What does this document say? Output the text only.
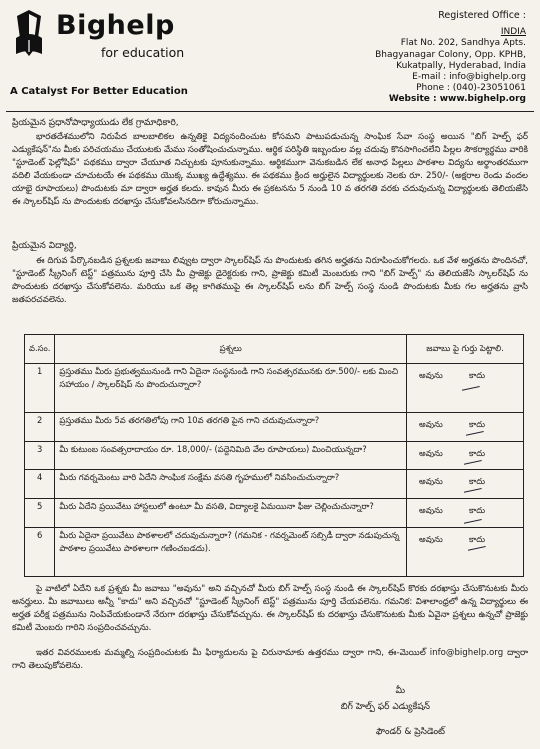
Bighelp
for education
A Catalyst For Better Education
Registered Office :
INDIA
Flat No. 202, Sandhya Apts.
Bhagyanagar Colony, Opp. KPHB,
Kukatpally, Hyderabad, India
E-mail : info@bighelp.org
Phone : (040)-23051061
Website : www.bighelp.org
ప్రియమైన ప్రధానోపాధ్యాయుడు లేక గ్రామాధికారి,
భారతదేశములోని నిరుపేద బాలబాలికల ఉన్నతికై విద్యనందించుట కోసమని పాటుపడుచున్న సాంఘిక సేవా సంస్థ అయిన "బిగ్ హెల్ప్ ఫర్ ఎడ్యుకేషన్"ను మీకు పరిచయము చేయుటకు మేము సంతోషించుచున్నాము. ఆర్థిక పరిస్థితి ఇబ్బందుల వల్ల చదువు కొనసాగించలేని పిల్లల సౌకర్యార్థము వారికి "స్టూడెంట్ ఫెల్లోషిప్" పథకము ద్వారా చేయూత నిచ్చుటకు పూనుకున్నాము. ఆర్థికముగా వెనుకబడిన లేక అనాధ పిల్లలు పాఠశాల విద్యను అర్థాంతరముగా వదిలి వేయకుండా చూచుటయే ఈ పథకము యొక్క ముఖ్య ఉద్దేశ్యము. ఈ పథకము క్రింద అర్హులైన విద్యార్థులకు నెలకు రూ. 250/- (అక్షరాల రెండు వందల యాభై రూపాయలు) పొందుటకు మా ద్వారా అర్హత కలదు. కావున మీరు ఈ ప్రకటనను 5 నుండి 10 వ తరగతి వరకు చదువుచున్న విద్యార్థులకు తెలియజేసి ఈ స్కాలర్‌షిప్ ను పొందుటకు దరఖాస్తు చేసుకోవలసినదిగా కోరుచున్నాము.
ప్రియమైన విద్యార్థి,
ఈ దిగువ పేర్కొనబడిన ప్రశ్నలకు జవాబు లివ్వుట ద్వారా స్కాలర్‌షిప్ ను పొందుటకు తగిన అర్హతను నిరూపించుకోగలరు. ఒక వేళ అర్హతను పొందినచో, "స్టూడెంట్ స్క్రీనింగ్ టెస్ట్" పత్రమును పూర్తి చేసి మీ ప్రాజెక్టు డైరెక్టరుకు గాని, ప్రాజెక్టు కమిటీ మెంబరుకు గాని "బిగ్ హెల్ప్" ను తెలియజేసి స్కాలర్‌షిప్ ను పొందుటకు దరఖాస్తు చేసుకోవలెను. మరియు ఒక తెల్ల కాగితముపై ఈ స్కాలర్‌షిప్ లను బిగ్ హెల్ప్ సంస్థ నుండి పొందుటకు మీకు గల అర్హతను వ్రాసి జతపరచవలెను.
వ.సం.	ప్రశ్నలు	జవాబు పై గుర్తు పెట్టాలి.
1	ప్రస్తుతము మీరు ప్రభుత్వమునుండి గాని ఏదైనా సంస్థనుండి గాని సంవత్సరమునకు రూ.500/- లకు మించి సహాయం / స్కాలర్‌షిప్ ను పొందుచున్నారా?	అవును కాదు

2	ప్రస్తుతము మీరు 5వ తరగతిలోపు గాని 10వ తరగతి పైన గాని చదువుచున్నారా?	అవును కాదు

3	మీ కుటుంబ సంవత్సరాదాయం రూ. 18,000/- (పద్దెనిమిది వేల రూపాయలు) మించియున్నదా?	అవును కాదు

4	మీరు గవర్నమెంటు వారి ఏదేని సాంఘిక సంక్షేమ వసతి గృహములో నివసించుచున్నారా?	అవును కాదు

5	మీరు ఏదేని ప్రయివేటు హాస్టలులో ఉంటూ మీ వసతి, విద్యాలకై ఏమయినా ఫీజు చెల్లించుచున్నారా?	అవును కాదు

6	మీరు ఏదైనా ప్రయివేటు పాఠశాలలో చదువుచున్నారా? (గమనిక - గవర్నమెంట్ సబ్సిడీ ద్వారా నడుపుచున్న పాఠశాల ప్రయివేటు పాఠశాలగా గణించబడదు).	అవును కాదు
పై వాటిలో ఏదేని ఒక ప్రశ్నకు మీ జవాబు "అవును" అని వచ్చినచో మీరు బిగ్ హెల్ప్ సంస్థ నుండి ఈ స్కాలర్‌షిప్ కొరకు దరఖాస్తు చేసుకొనుటకు మీరు అనర్హులు. మీ జవాబులు అన్నీ "కాదు" అని వచ్చినచో "స్టూడెంట్ స్క్రీనింగ్ టెస్ట్" పత్రమును పూర్తి చేయవలెను. గమనిక: విశాలాంధ్రలో ఉన్న విద్యార్థులు ఈ అర్హత పరీక్ష పత్రమును నింపివేయకుండానే నేరుగా దరఖాస్తు చేసుకోవచ్చును. ఈ స్కాలర్‌షిప్ కు దరఖాస్తు చేసుకొనుటకు మీకు ఏవైనా ప్రశ్నలు ఉన్నచో ప్రాజెక్టు కమిటీ మెంబరు గారిని సంప్రదించవచ్చును.
ఇతర వివరములకు మమ్మల్ని సంప్రదించుటకు మీ ఫిర్యాదులను పై చిరునామాకు ఉత్తరము ద్వారా గాని, ఈ-మెయిల్ info@bighelp.org ద్వారా గాని తెలుపుకోవలెను.
మీ
బిగ్ హెల్ప్ ఫర్ ఎడ్యుకేషన్
ఫౌండర్ & ప్రెసిడెంట్
